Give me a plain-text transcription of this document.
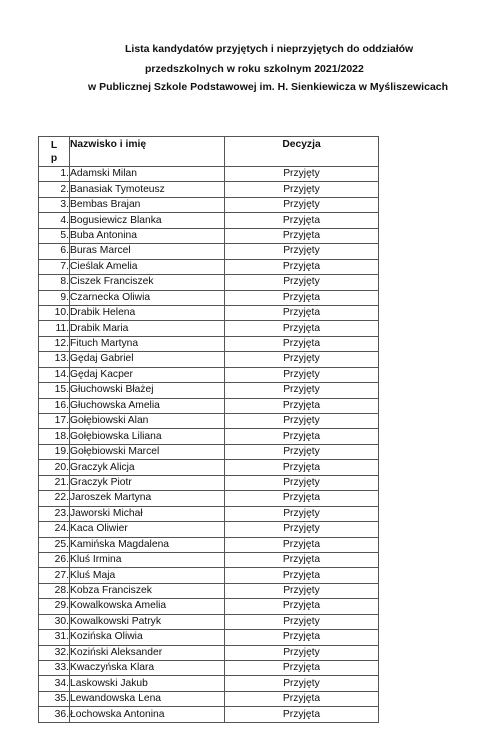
Lista kandydatów przyjętych i nieprzyjętych do oddziałów
przedszkolnych w roku szkolnym 2021/2022
w Publicznej Szkole Podstawowej im. H. Sienkiewicza w Myśliszewicach
L
p	Nazwisko i imię	Decyzja
1.	Adamski Milan	Przyjęty
2.	Banasiak Tymoteusz	Przyjęty
3.	Bembas Brajan	Przyjęty
4.	Bogusiewicz Blanka	Przyjęta
5.	Buba Antonina	Przyjęta
6.	Buras Marcel	Przyjęty
7.	Cieślak Amelia	Przyjęta
8.	Ciszek Franciszek	Przyjęty
9.	Czarnecka Oliwia	Przyjęta
10.	Drabik Helena	Przyjęta
11.	Drabik Maria	Przyjęta
12.	Fituch Martyna	Przyjęta
13.	Gędaj Gabriel	Przyjęty
14.	Gędaj Kacper	Przyjęty
15.	Głuchowski Błażej	Przyjęty
16.	Głuchowska Amelia	Przyjęta
17.	Gołębiowski Alan	Przyjęty
18.	Gołębiowska Liliana	Przyjęta
19.	Gołębiowski Marcel	Przyjęty
20.	Graczyk Alicja	Przyjęta
21.	Graczyk Piotr	Przyjęty
22.	Jaroszek Martyna	Przyjęta
23.	Jaworski Michał	Przyjęty
24.	Kaca Oliwier	Przyjęty
25.	Kamińska Magdalena	Przyjęta
26.	Kluś Irmina	Przyjęta
27.	Kluś Maja	Przyjęta
28.	Kobza Franciszek	Przyjęty
29.	Kowalkowska Amelia	Przyjęta
30.	Kowalkowski Patryk	Przyjęty
31.	Kozińska Oliwia	Przyjęta
32.	Koziński Aleksander	Przyjęty
33.	Kwaczyńska Klara	Przyjęta
34.	Laskowski Jakub	Przyjęty
35.	Lewandowska Lena	Przyjęta
36.	Łochowska Antonina	Przyjęta
